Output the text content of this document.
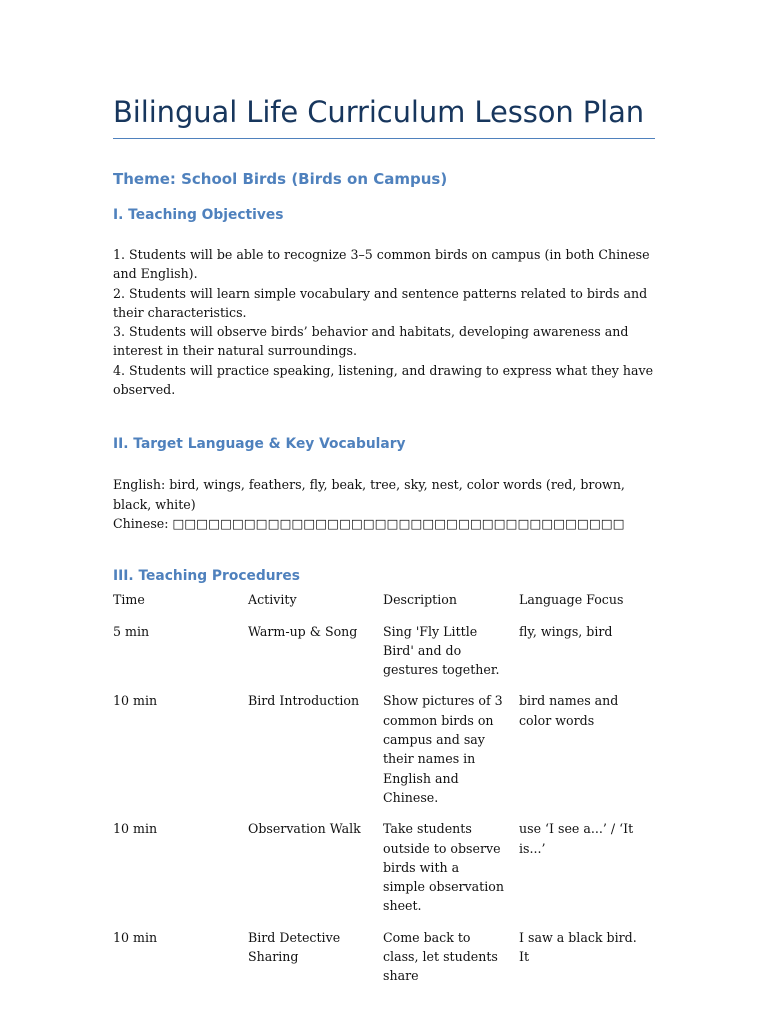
Bilingual Life Curriculum Lesson Plan
Theme: School Birds (Birds on Campus)
I. Teaching Objectives

1. Students will be able to recognize 3–5 common birds on campus (in both Chinese and English).

2. Students will learn simple vocabulary and sentence patterns related to birds and their characteristics.

3. Students will observe birds’ behavior and habitats, developing awareness and interest in their natural surroundings.

4. Students will practice speaking, listening, and drawing to express what they have observed.

II. Target Language & Key Vocabulary

English: bird, wings, feathers, fly, beak, tree, sky, nest, color words (red, brown, black, white)

Chinese: □□□□□□□□□□□□□□□□□□□□□□□□□□□□□□□□□□□□□□

III. Teaching Procedures
Time	Activity	Description	Language Focus
5 min	Warm-up & Song	Sing 'Fly Little Bird' and do gestures together.	fly, wings, bird
10 min	Bird Introduction	Show pictures of 3 common birds on campus and say their names in English and Chinese.	bird names and color words
10 min	Observation Walk	Take students outside to observe birds with a simple observation sheet.	use ‘I see a...’ / ‘It is...’
10 min	Bird Detective Sharing	Come back to class, let students share	I saw a black bird. It
